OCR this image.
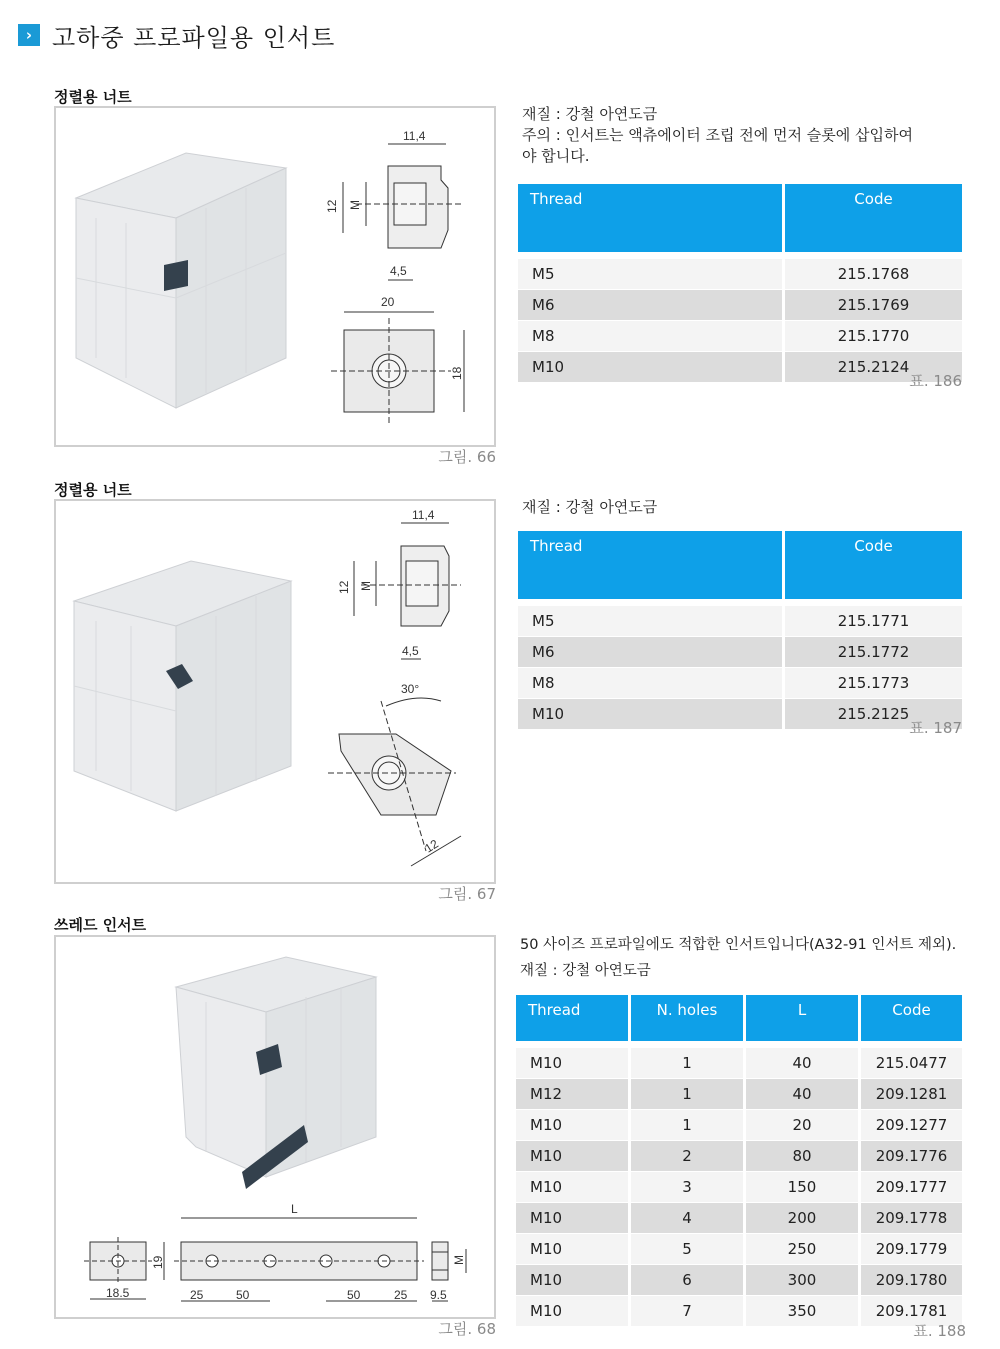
› 고하중 프로파일용 인서트
정렬용 너트
11,4
12 M
4,5
20
18
그림. 66
재질 : 강철 아연도금
주의 : 인서트는 액츄에이터 조립 전에 먼저 슬롯에 삽입하여
야 합니다.
Thread	Code

M5	215.1768
M6	215.1769
M8	215.1770
M10	215.2124
표. 186
정렬용 너트
11,4
12 M
4,5
30°
12
그림. 67
재질 : 강철 아연도금
Thread	Code

M5	215.1771
M6	215.1772
M8	215.1773
M10	215.2125
표. 187
쓰레드 인서트
18.5
19
L
25	50	50	25 9.5
M
그림. 68
50 사이즈 프로파일에도 적합한 인서트입니다(A32-91 인서트 제외).
재질 : 강철 아연도금
Thread	N. holes	L	Code

M10	1	40	215.0477
M12	1	40	209.1281
M10	1	20	209.1277
M10	2	80	209.1776
M10	3	150	209.1777
M10	4	200	209.1778
M10	5	250	209.1779
M10	6	300	209.1780
M10	7	350	209.1781
표. 188
